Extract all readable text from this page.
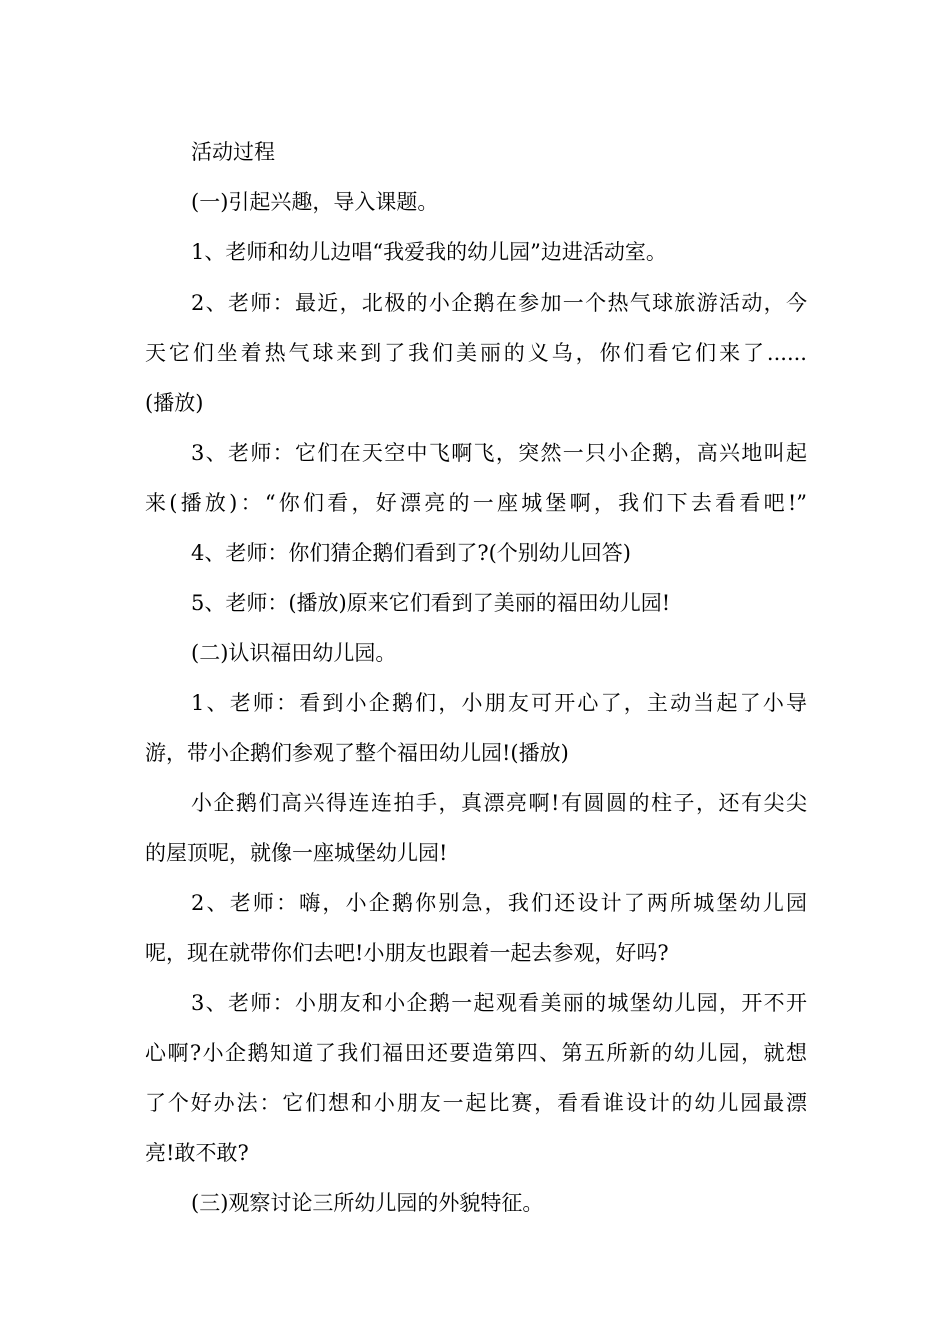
活动过程
(一)引起兴趣，导入课题。
1、老师和幼儿边唱“我爱我的幼儿园”边进活动室。
2、老师：最近，北极的小企鹅在参加一个热气球旅游活动，今
天它们坐着热气球来到了我们美丽的义乌，你们看它们来了......
(播放)
3、老师：它们在天空中飞啊飞，突然一只小企鹅，高兴地叫起
来(播放)：“你们看，好漂亮的一座城堡啊，我们下去看看吧!”
4、老师：你们猜企鹅们看到了?(个别幼儿回答)
5、老师：(播放)原来它们看到了美丽的福田幼儿园!
(二)认识福田幼儿园。
1、老师：看到小企鹅们，小朋友可开心了，主动当起了小导
游，带小企鹅们参观了整个福田幼儿园!(播放)
小企鹅们高兴得连连拍手，真漂亮啊!有圆圆的柱子，还有尖尖
的屋顶呢，就像一座城堡幼儿园!
2、老师：嗨，小企鹅你别急，我们还设计了两所城堡幼儿园
呢，现在就带你们去吧!小朋友也跟着一起去参观，好吗?
3、老师：小朋友和小企鹅一起观看美丽的城堡幼儿园，开不开
心啊?小企鹅知道了我们福田还要造第四、第五所新的幼儿园，就想
了个好办法：它们想和小朋友一起比赛，看看谁设计的幼儿园最漂
亮!敢不敢?
(三)观察讨论三所幼儿园的外貌特征。
